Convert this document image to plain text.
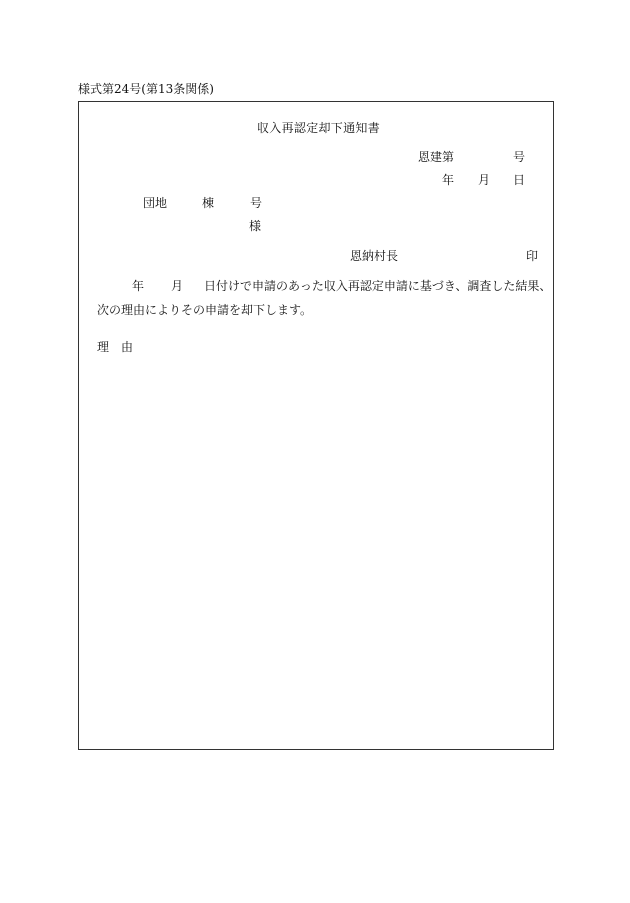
様式第24号(第13条関係)
収入再認定却下通知書
恩建第	号
年 月 日
団地	棟	号
様
恩納村長	印
年 月 日付けで申請のあった収入再認定申請に基づき、調査した結果、
次の理由によりその申請を却下します。
理 由
